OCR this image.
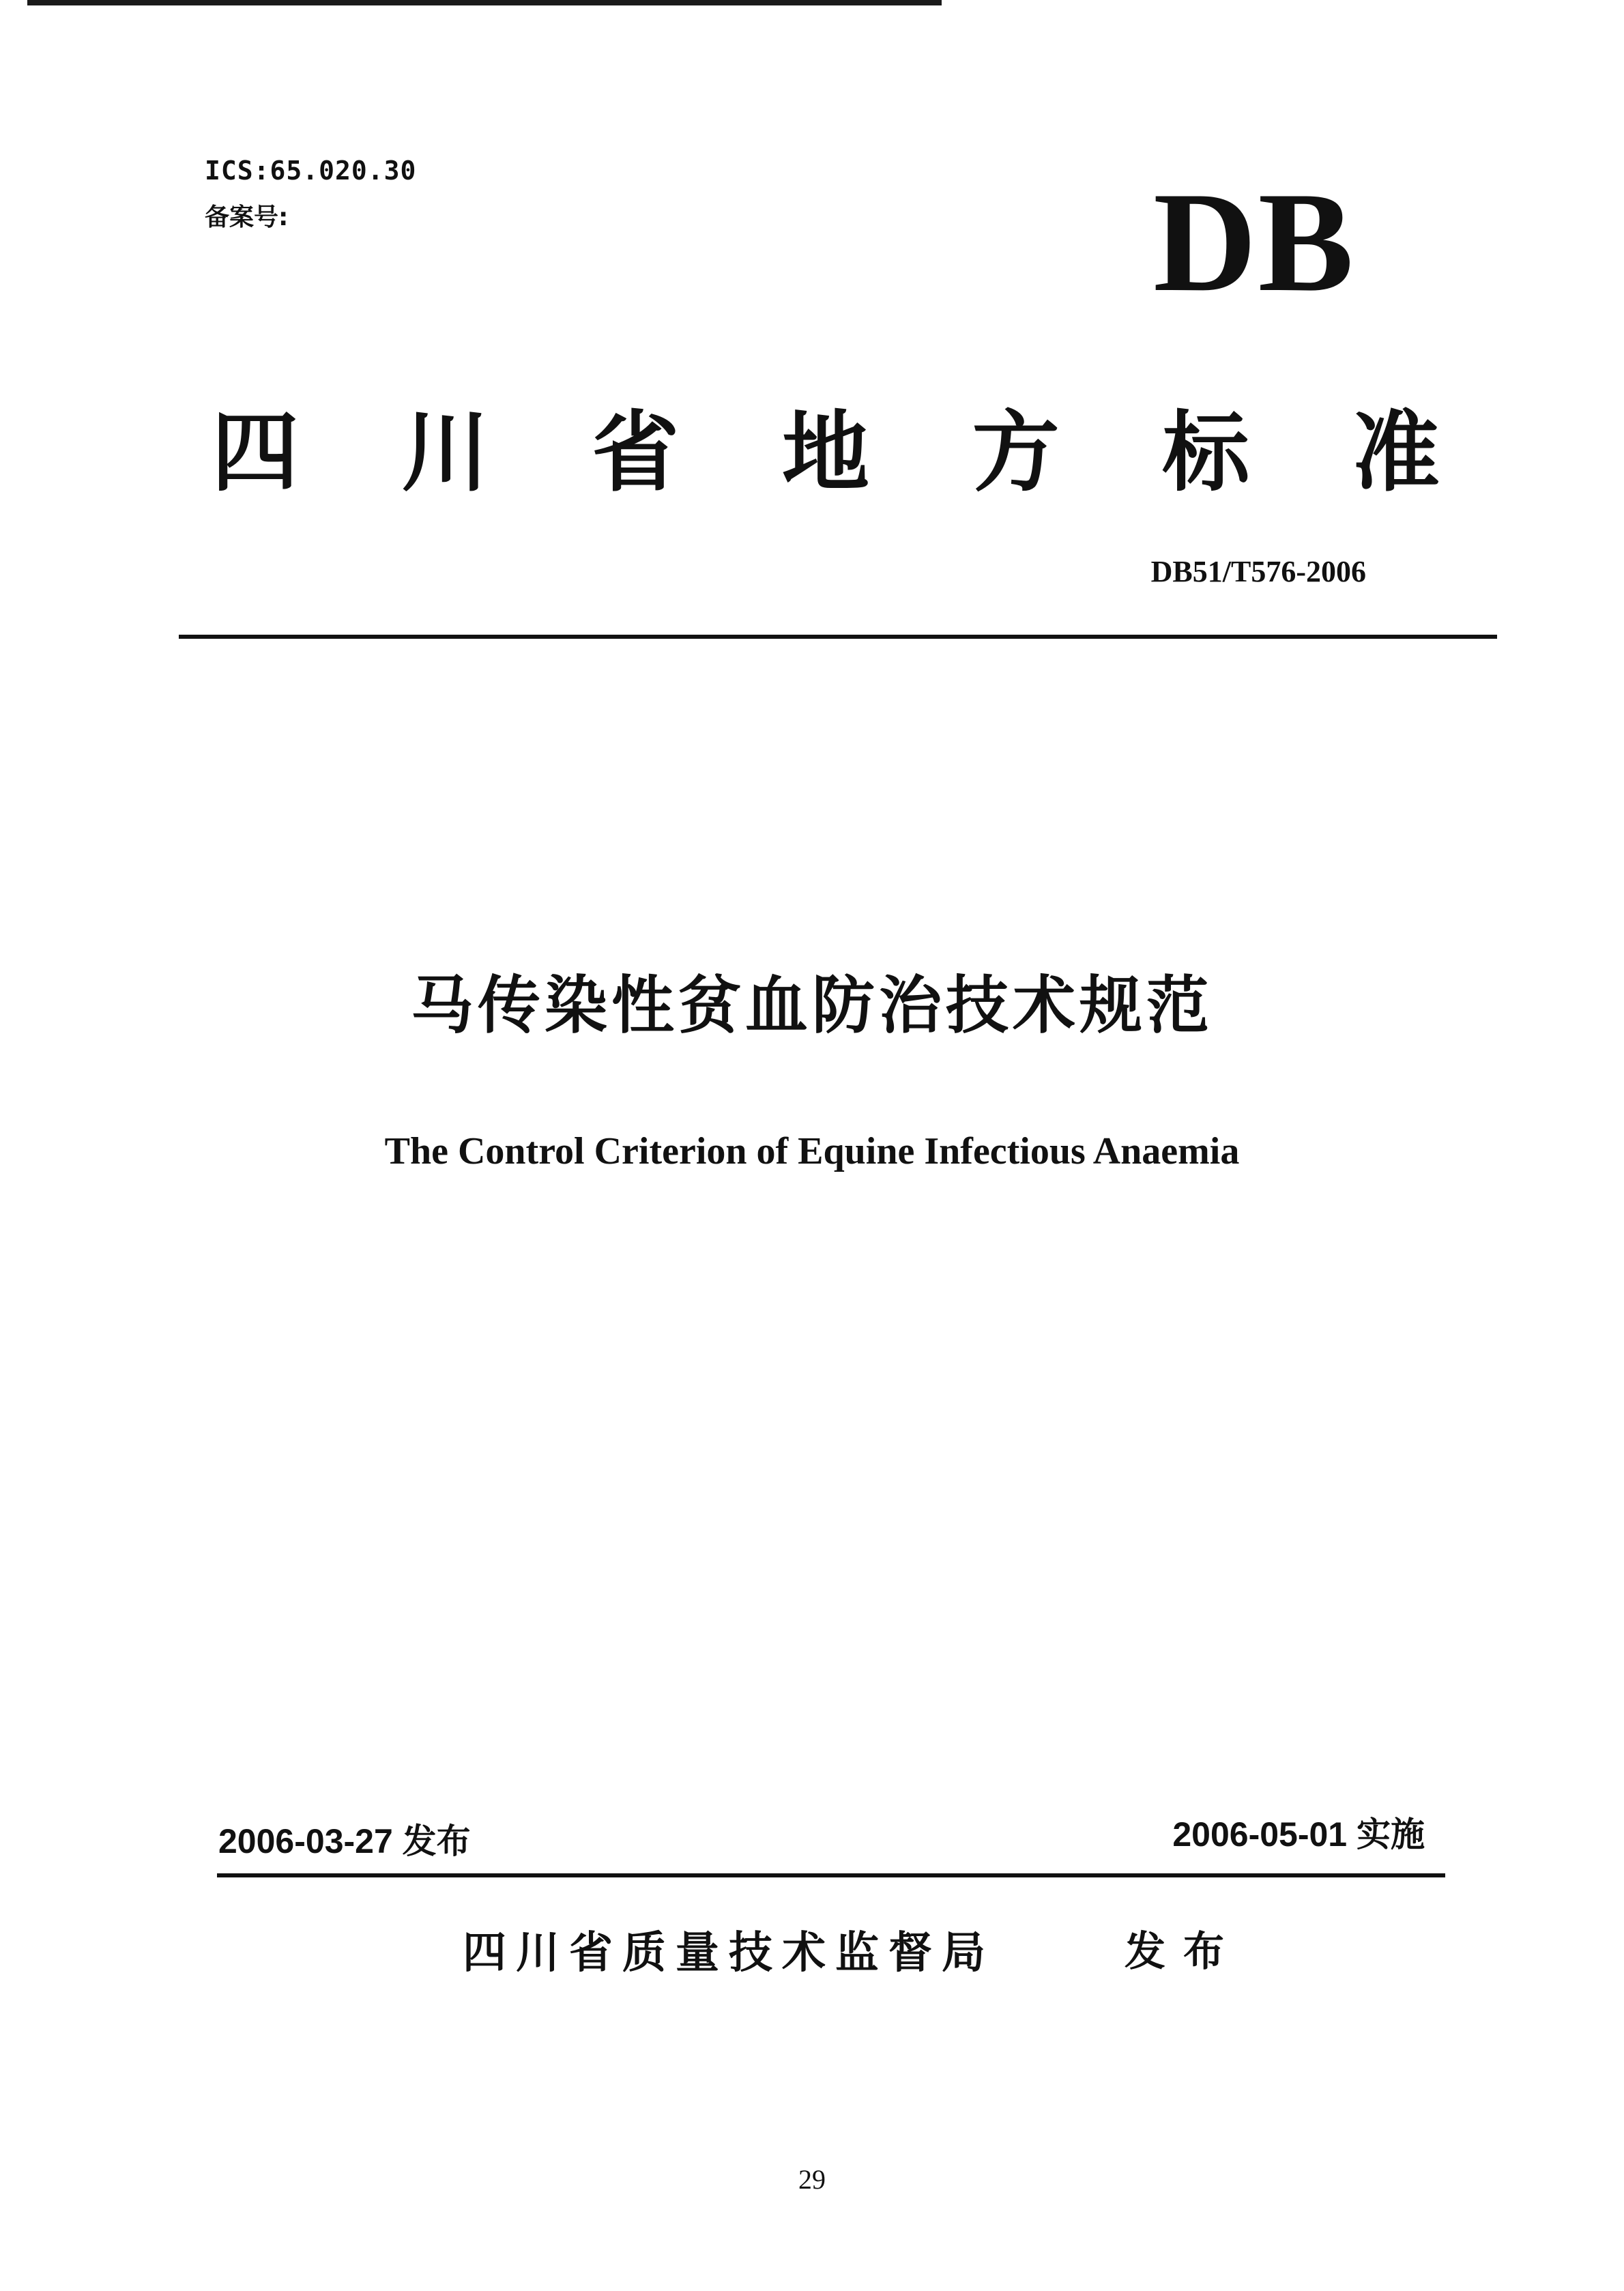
ICS:65.020.30
备案号:	DB
四 川 省 地 方 标 准
DB51/T576-2006
马传染性贫血防治技术规范
The Control Criterion of Equine Infectious Anaemia
2006-03-27 发布	2006-05-01 实施
四川省质量技术监督局	发布
29
